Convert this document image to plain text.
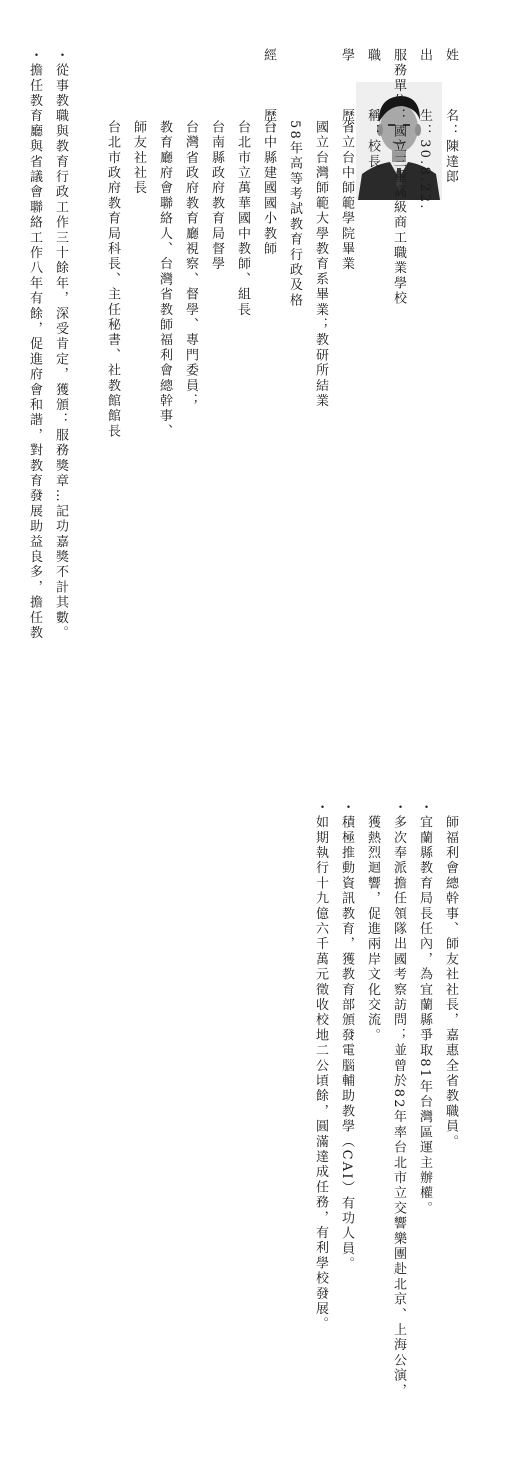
姓　　　名：陳達郎
出　　　生：30.8.22.
服務單位：國立三重高級商工職業學校
職　　　稱：校長
學　　　歷：
省立台中師範學院畢業
國立台灣師範大學教育系畢業；教研所結業
58年高等考試教育行政及格
經　　　歷：
台中縣建國國小教師
台北市立萬華國中教師、組長
台南縣政府教育局督學
台灣省政府教育廳視察、督學、專門委員；
教育廳府會聯絡人、台灣省教師福利會總幹事、
師友社社長
台北市政府教育局科長、主任秘書、社教館館長
・從事教職與教育行政工作三十餘年，深受肯定，獲頒：服務獎章…記功嘉獎不計其數。
・擔任教育廳與省議會聯絡工作八年有餘，促進府會和諧，對教育發展助益良多，擔任教
　師福利會總幹事、師友社社長，嘉惠全省教職員。
・宜蘭縣教育局長任內，為宜蘭縣爭取81年台灣區運主辦權。
・多次奉派擔任領隊出國考察訪問；並曾於82年率台北市立交響樂團赴北京、上海公演，
　獲熱烈迴響，促進兩岸文化交流。
・積極推動資訊教育，獲教育部頒發電腦輔助教學（CAI）有功人員。
・如期執行十九億六千萬元徵收校地二公頃餘，圓滿達成任務，有利學校發展。
